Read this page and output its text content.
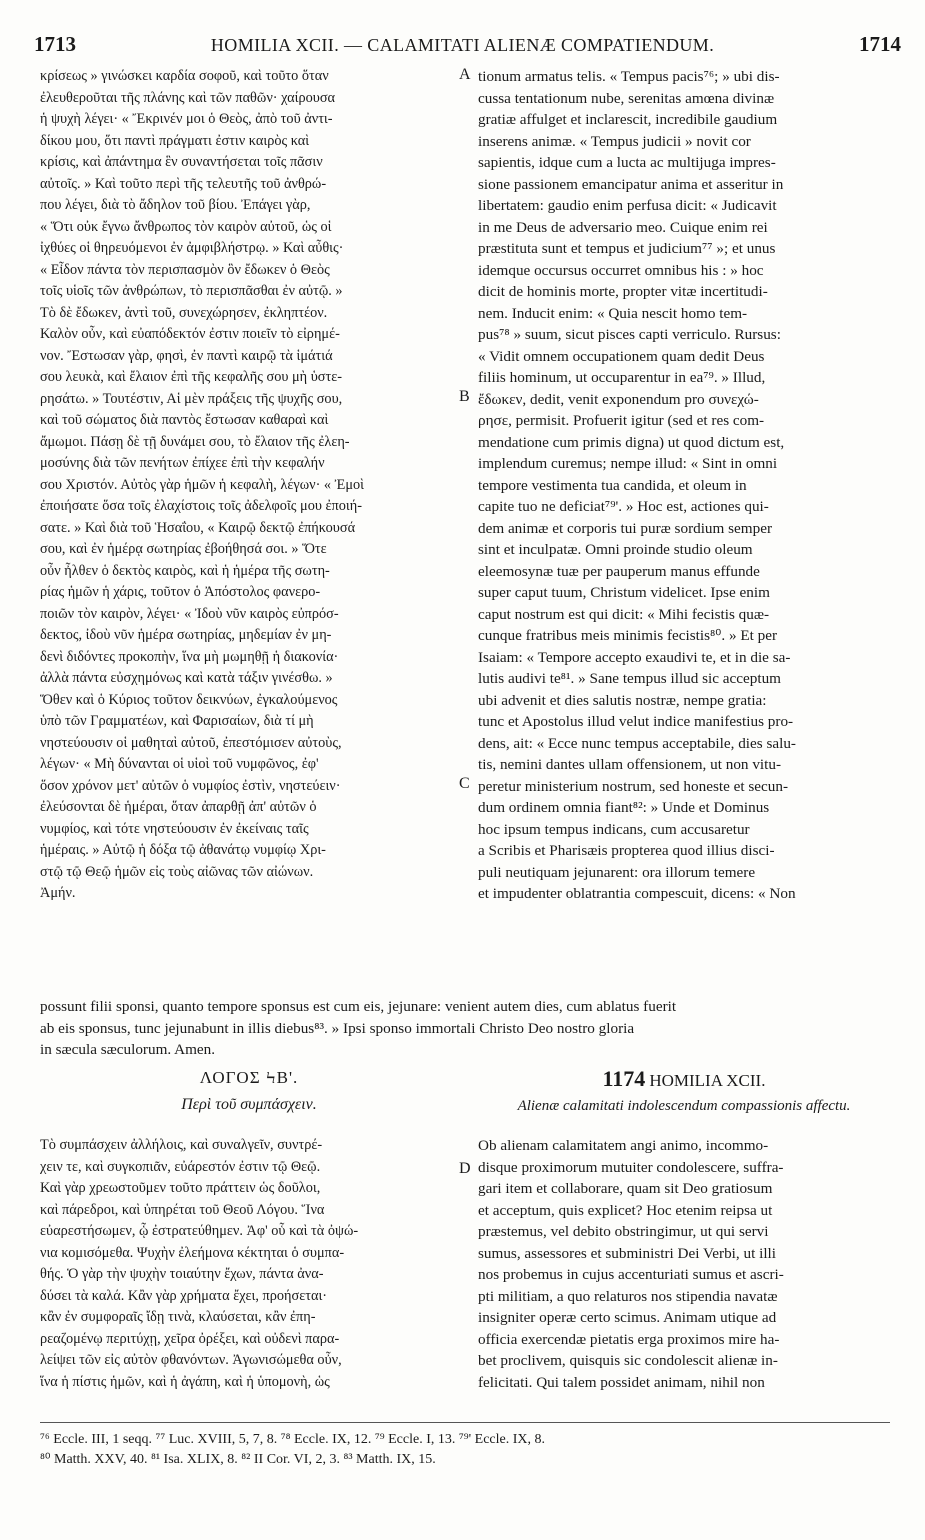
1713	HOMILIA XCII. — CALAMITATI ALIENÆ COMPATIENDUM.	1714
κρίσεως » γινώσκει καρδία σοφοῦ, καὶ τοῦτο ὅταν
ἐλευθεροῦται τῆς πλάνης καὶ τῶν παθῶν· χαίρουσα
ἡ ψυχὴ λέγει· « Ἔκρινέν μοι ὁ Θεὸς, ἀπὸ τοῦ ἀντι-
δίκου μου, ὅτι παντὶ πράγματι ἐστιν καιρὸς καὶ
κρίσις, καὶ ἀπάντημα ἓν συναντήσεται τοῖς πᾶσιν
αὐτοῖς. » Καὶ τοῦτο περὶ τῆς τελευτῆς τοῦ ἀνθρώ-
που λέγει, διὰ τὸ ἄδηλον τοῦ βίου. Ἐπάγει γὰρ,
« Ὅτι οὐκ ἔγνω ἄνθρωπος τὸν καιρὸν αὐτοῦ, ὡς οἱ
ἰχθύες οἱ θηρευόμενοι ἐν ἀμφιβλήστρῳ. » Καὶ αὖθις·
« Εἶδον πάντα τὸν περισπασμὸν ὃν ἔδωκεν ὁ Θεὸς
τοῖς υἱοῖς τῶν ἀνθρώπων, τὸ περισπᾶσθαι ἐν αὐτῷ. »
Τὸ δὲ ἔδωκεν, ἀντὶ τοῦ, συνεχώρησεν, ἐκληπτέον.
Καλὸν οὖν, καὶ εὐαπόδεκτόν ἐστιν ποιεῖν τὸ εἰρημέ-
νον. Ἔστωσαν γὰρ, φησὶ, ἐν παντὶ καιρῷ τὰ ἱμάτιά
σου λευκὰ, καὶ ἔλαιον ἐπὶ τῆς κεφαλῆς σου μὴ ὑστε-
ρησάτω. » Τουτέστιν, Αἱ μὲν πράξεις τῆς ψυχῆς σου,
καὶ τοῦ σώματος διὰ παντὸς ἔστωσαν καθαραὶ καὶ
ἄμωμοι. Πάσῃ δὲ τῇ δυνάμει σου, τὸ ἔλαιον τῆς ἐλεη-
μοσύνης διὰ τῶν πενήτων ἐπίχεε ἐπὶ τὴν κεφαλήν
σου Χριστόν. Αὐτὸς γὰρ ἡμῶν ἡ κεφαλὴ, λέγων· « Ἐμοὶ
ἐποιήσατε ὅσα τοῖς ἐλαχίστοις τοῖς ἀδελφοῖς μου ἐποιή-
σατε. » Καὶ διὰ τοῦ Ἡσαΐου, « Καιρῷ δεκτῷ ἐπήκουσά
σου, καὶ ἐν ἡμέρᾳ σωτηρίας ἐβοήθησά σοι. » Ὅτε
οὖν ἦλθεν ὁ δεκτὸς καιρὸς, καὶ ἡ ἡμέρα τῆς σωτη-
ρίας ἡμῶν ἡ χάρις, τοῦτον ὁ Ἀπόστολος φανερο-
ποιῶν τὸν καιρὸν, λέγει· « Ἰδοὺ νῦν καιρὸς εὐπρόσ-
δεκτος, ἰδοὺ νῦν ἡμέρα σωτηρίας, μηδεμίαν ἐν μη-
δενὶ διδόντες προκοπὴν, ἵνα μὴ μωμηθῇ ἡ διακονία·
ἀλλὰ πάντα εὐσχημόνως καὶ κατὰ τάξιν γινέσθω. »
Ὅθεν καὶ ὁ Κύριος τοῦτον δεικνύων, ἐγκαλούμενος
ὑπὸ τῶν Γραμματέων, καὶ Φαρισαίων, διὰ τί μὴ
νηστεύουσιν οἱ μαθηταὶ αὐτοῦ, ἐπεστόμισεν αὐτοὺς,
λέγων· « Μὴ δύνανται οἱ υἱοὶ τοῦ νυμφῶνος, ἐφ'
ὅσον χρόνον μετ' αὐτῶν ὁ νυμφίος ἐστὶν, νηστεύειν·
ἐλεύσονται δὲ ἡμέραι, ὅταν ἀπαρθῇ ἀπ' αὐτῶν ὁ
νυμφίος, καὶ τότε νηστεύουσιν ἐν ἐκείναις ταῖς
ἡμέραις. » Αὐτῷ ἡ δόξα τῷ ἀθανάτῳ νυμφίῳ Χρι-
στῷ τῷ Θεῷ ἡμῶν εἰς τοὺς αἰῶνας τῶν αἰώνων.
Ἀμήν.
tionum armatus telis. « Tempus pacis⁷⁶; » ubi dis-
cussa tentationum nube, serenitas amœna divinæ
gratiæ affulget et inclarescit, incredibile gaudium
inserens animæ. « Tempus judicii » novit cor
sapientis, idque cum a lucta ac multijuga impres-
sione passionem emancipatur anima et asseritur in
libertatem: gaudio enim perfusa dicit: « Judicavit
in me Deus de adversario meo. Cuique enim rei
præstituta sunt et tempus et judicium⁷⁷ »; et unus
idemque occursus occurret omnibus his : » hoc
dicit de hominis morte, propter vitæ incertitudi-
nem. Inducit enim: « Quia nescit homo tem-
pus⁷⁸ » suum, sicut pisces capti verriculo. Rursus:
« Vidit omnem occupationem quam dedit Deus
filiis hominum, ut occuparentur in ea⁷⁹. » Illud,
ἔδωκεν, dedit, venit exponendum pro συνεχώ-
ρησε, permisit. Profuerit igitur (sed et res com-
mendatione cum primis digna) ut quod dictum est,
implendum curemus; nempe illud: « Sint in omni
tempore vestimenta tua candida, et oleum in
capite tuo ne deficiat⁷⁹'. » Hoc est, actiones qui-
dem animæ et corporis tui puræ sordium semper
sint et inculpatæ. Omni proinde studio oleum
eleemosynæ tuæ per pauperum manus effunde
super caput tuum, Christum videlicet. Ipse enim
caput nostrum est qui dicit: « Mihi fecistis quæ-
cunque fratribus meis minimis fecistis⁸⁰. » Et per
Isaiam: « Tempore accepto exaudivi te, et in die sa-
lutis audivi te⁸¹. » Sane tempus illud sic acceptum
ubi advenit et dies salutis nostræ, nempe gratia:
tunc et Apostolus illud velut indice manifestius pro-
dens, ait: « Ecce nunc tempus acceptabile, dies salu-
tis, nemini dantes ullam offensionem, ut non vitu-
peretur ministerium nostrum, sed honeste et secun-
dum ordinem omnia fiant⁸²: » Unde et Dominus
hoc ipsum tempus indicans, cum accusaretur
a Scribis et Pharisæis propterea quod illius disci-
puli neutiquam jejunarent: ora illorum temere
et impudenter oblatrantia compescuit, dicens: « Non
A
B
C
D
possunt filii sponsi, quanto tempore sponsus est cum eis, jejunare: venient autem dies, cum ablatus fuerit
ab eis sponsus, tunc jejunabunt in illis diebus⁸³. » Ipsi sponso immortali Christo Deo nostro gloria
in sæcula sæculorum. Amen.
ΛΟΓΟΣ ϞΒ'.
Περὶ τοῦ συμπάσχειν.
1174 HOMILIA XCII.
Alienæ calamitati indolescendum compassionis affectu.
Τὸ συμπάσχειν ἀλλήλοις, καὶ συναλγεῖν, συντρέ-
χειν τε, καὶ συγκοπιᾶν, εὐάρεστόν ἐστιν τῷ Θεῷ.
Καὶ γὰρ χρεωστοῦμεν τοῦτο πράττειν ὡς δοῦλοι,
καὶ πάρεδροι, καὶ ὑπηρέται τοῦ Θεοῦ Λόγου. Ἵνα
εὐαρεστήσωμεν, ᾧ ἐστρατεύθημεν. Ἀφ' οὗ καὶ τὰ ὀψώ-
νια κομισόμεθα. Ψυχὴν ἐλεήμονα κέκτηται ὁ συμπα-
θής. Ὁ γὰρ τὴν ψυχὴν τοιαύτην ἔχων, πάντα ἀνα-
δύσει τὰ καλά. Κἂν γὰρ χρήματα ἔχει, προήσεται·
κἂν ἐν συμφοραῖς ἴδῃ τινὰ, κλαύσεται, κἂν ἐπη-
ρεαζομένῳ περιτύχῃ, χεῖρα ὀρέξει, καὶ οὐδενὶ παρα-
λείψει τῶν εἰς αὐτὸν φθανόντων. Ἀγωνισώμεθα οὖν,
ἵνα ἡ πίστις ἡμῶν, καὶ ἡ ἀγάπη, καὶ ἡ ὑπομονὴ, ὡς
Ob alienam calamitatem angi animo, incommo-
disque proximorum mutuiter condolescere, suffra-
gari item et collaborare, quam sit Deo gratiosum
et acceptum, quis explicet? Hoc etenim reipsa ut
præstemus, vel debito obstringimur, ut qui servi
sumus, assessores et subministri Dei Verbi, ut illi
nos probemus in cujus accenturiati sumus et ascri-
pti militiam, a quo relaturos nos stipendia navatæ
insigniter operæ certo scimus. Animam utique ad
officia exercendæ pietatis erga proximos mire ha-
bet proclivem, quisquis sic condolescit alienæ in-
felicitati. Qui talem possidet animam, nihil non
⁷⁶ Eccle. III, 1 seqq. ⁷⁷ Luc. XVIII, 5, 7, 8. ⁷⁸ Eccle. IX, 12. ⁷⁹ Eccle. I, 13. ⁷⁹' Eccle. IX, 8.
⁸⁰ Matth. XXV, 40. ⁸¹ Isa. XLIX, 8. ⁸² II Cor. VI, 2, 3. ⁸³ Matth. IX, 15.
